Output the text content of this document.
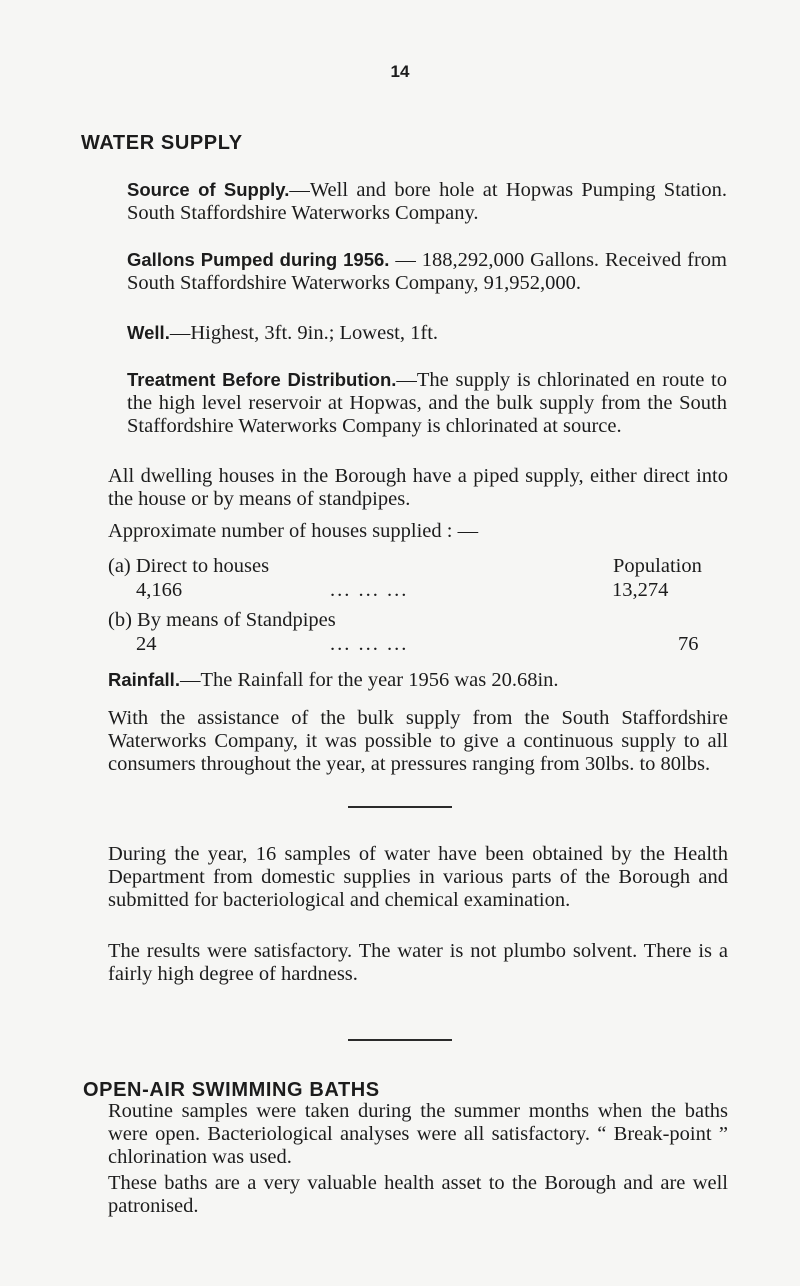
14
WATER SUPPLY

Source of Supply.—Well and bore hole at Hopwas Pumping Station. South Staffordshire Waterworks Company.

Gallons Pumped during 1956. — 188,292,000 Gallons. Received from South Staffordshire Waterworks Company, 91,952,000.

Well.—Highest, 3ft. 9in.; Lowest, 1ft.

Treatment Before Distribution.—The supply is chlorinated en route to the high level reservoir at Hopwas, and the bulk supply from the South Staffordshire Waterworks Company is chlorinated at source.

All dwelling houses in the Borough have a piped supply, either direct into the house or by means of standpipes.

Approximate number of houses supplied : —
(a) Direct to houses	Population
4,166	... ... ...	13,274
(b) By means of Standpipes
24	... ... ...	76

Rainfall.—The Rainfall for the year 1956 was 20.68in.

With the assistance of the bulk supply from the South Staffordshire Waterworks Company, it was possible to give a continuous supply to all consumers throughout the year, at pressures ranging from 30lbs. to 80lbs.

During the year, 16 samples of water have been obtained by the Health Department from domestic supplies in various parts of the Borough and submitted for bacteriological and chemical examination.

The results were satisfactory. The water is not plumbo solvent. There is a fairly high degree of hardness.

OPEN-AIR SWIMMING BATHS

Routine samples were taken during the summer months when the baths were open. Bacteriological analyses were all satisfactory. “ Break-point ” chlorination was used.

These baths are a very valuable health asset to the Borough and are well patronised.
